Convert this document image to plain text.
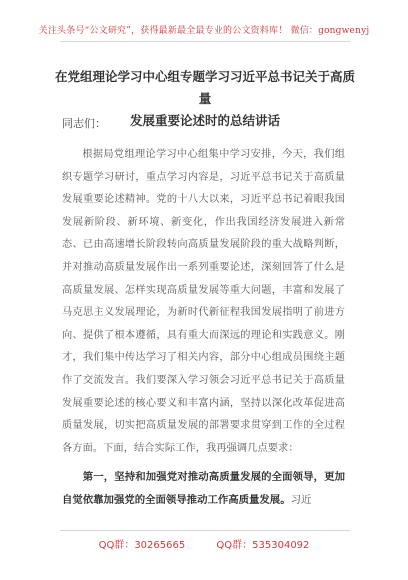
关注头条号“公文研究”，获得最新最全最专业的公文资料库！ 微信：gongwenyj
在党组理论学习中心组专题学习习近平总书记关于高质量
发展重要论述时的总结讲话
同志们：
根据局党组理论学习中心组集中学习安排，今天，我们组织专题学习研讨，重点学习内容是，习近平总书记关于高质量发展重要论述精神。党的十八大以来，习近平总书记着眼我国发展新阶段、新环境、新变化，作出我国经济发展进入新常态、已由高速增长阶段转向高质量发展阶段的重大战略判断，并对推动高质量发展作出一系列重要论述，深刻回答了什么是高质量发展、怎样实现高质量发展等重大问题，丰富和发展了马克思主义发展理论，为新时代新征程我国发展指明了前进方向、提供了根本遵循，具有重大而深远的理论和实践意义。刚才，我们集中传达学习了相关内容，部分中心组成员围绕主题作了交流发言。我们要深入学习领会习近平总书记关于高质量发展重要论述的核心要义和丰富内涵，坚持以深化改革促进高质量发展，切实把高质量发展的部署要求贯穿到工作的全过程各方面。下面，结合实际工作，我再强调几点要求：
第一，坚持和加强党对推动高质量发展的全面领导，更加自觉依靠加强党的全面领导推动工作高质量发展。习近
QQ群：30265665	QQ群：535304092
